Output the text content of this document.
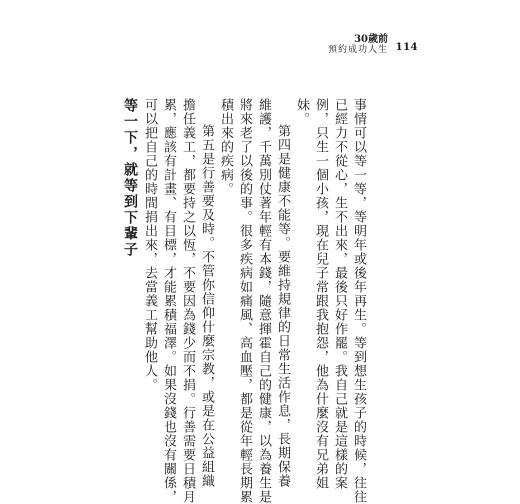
30歲前
預約成功人生 114
事情可以等一等，等明年或後年再生。等到想生孩子的時候，往往
已經力不從心，生不出來，最後只好作罷。我自己就是這樣的案
例，只生一個小孩，現在兒子常跟我抱怨，他為什麼沒有兄弟姐
妹。
第四是健康不能等。要維持規律的日常生活作息，長期保養
維護，千萬別仗著年輕有本錢，隨意揮霍自己的健康，以為養生是
將來老了以後的事。很多疾病如痛風、高血壓，都是從年輕長期累
積出來的疾病。
第五是行善要及時。不管你信仰什麼宗教，或是在公益組織
擔任義工，都要持之以恆，不要因為錢少而不捐。行善需要日積月
累，應該有計畫、有目標，才能累積福澤。如果沒錢也沒有關係，
可以把自己的時間捐出來，去當義工幫助他人。
等一下，就等到下輩子
